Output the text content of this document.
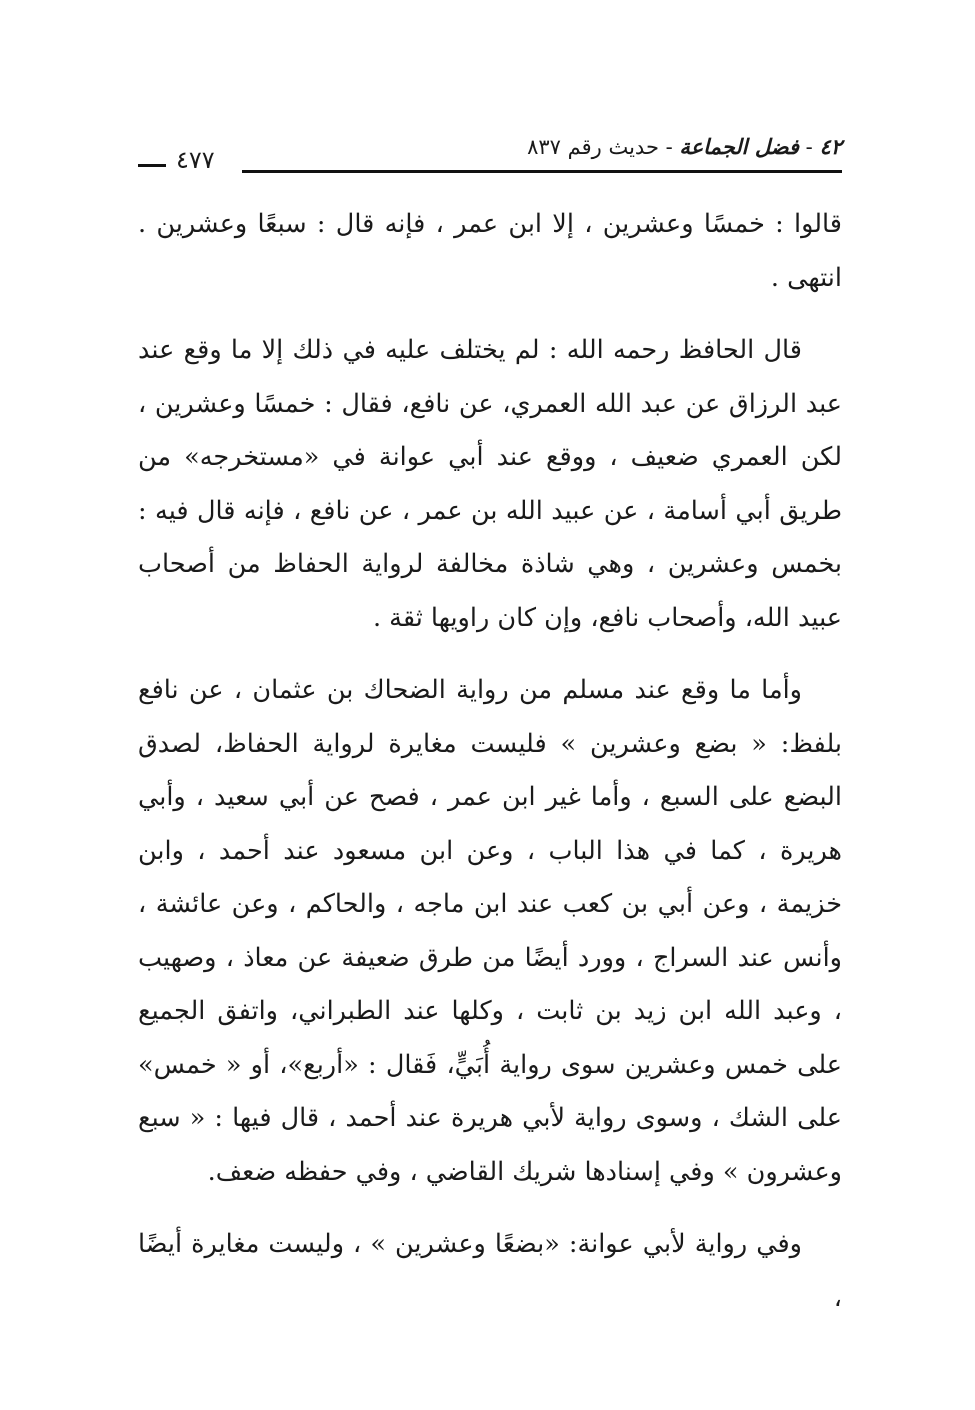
٤٢ - فضل الجماعة - حديث رقم ٨٣٧
٤٧٧

قالوا : خمسًا وعشرين ، إلا ابن عمر ، فإنه قال : سبعًا وعشرين . انتهى .

قال الحافظ رحمه الله : لم يختلف عليه في ذلك إلا ما وقع عند عبد الرزاق عن عبد الله العمري، عن نافع، فقال : خمسًا وعشرين ، لكن العمري ضعيف ، ووقع عند أبي عوانة في «مستخرجه» من طريق أبي أسامة ، عن عبيد الله بن عمر ، عن نافع ، فإنه قال فيه : بخمس وعشرين ، وهي شاذة مخالفة لرواية الحفاظ من أصحاب عبيد الله، وأصحاب نافع، وإن كان راويها ثقة .

وأما ما وقع عند مسلم من رواية الضحاك بن عثمان ، عن نافع بلفظ: « بضع وعشرين » فليست مغايرة لرواية الحفاظ، لصدق البضع على السبع ، وأما غير ابن عمر ، فصح عن أبي سعيد ، وأبي هريرة ، كما في هذا الباب ، وعن ابن مسعود عند أحمد ، وابن خزيمة ، وعن أبي بن كعب عند ابن ماجه ، والحاكم ، وعن عائشة ، وأنس عند السراج ، وورد أيضًا من طرق ضعيفة عن معاذ ، وصهيب ، وعبد الله ابن زيد بن ثابت ، وكلها عند الطبراني، واتفق الجميع على خمس وعشرين سوى رواية أُبَيٍّ، فَقال : «أربع»، أو « خمس» على الشك ، وسوى رواية لأبي هريرة عند أحمد ، قال فيها : « سبع وعشرون » وفي إسنادها شريك القاضي ، وفي حفظه ضعف.

وفي رواية لأبي عوانة: «بضعًا وعشرين » ، وليست مغايرة أيضًا ،
